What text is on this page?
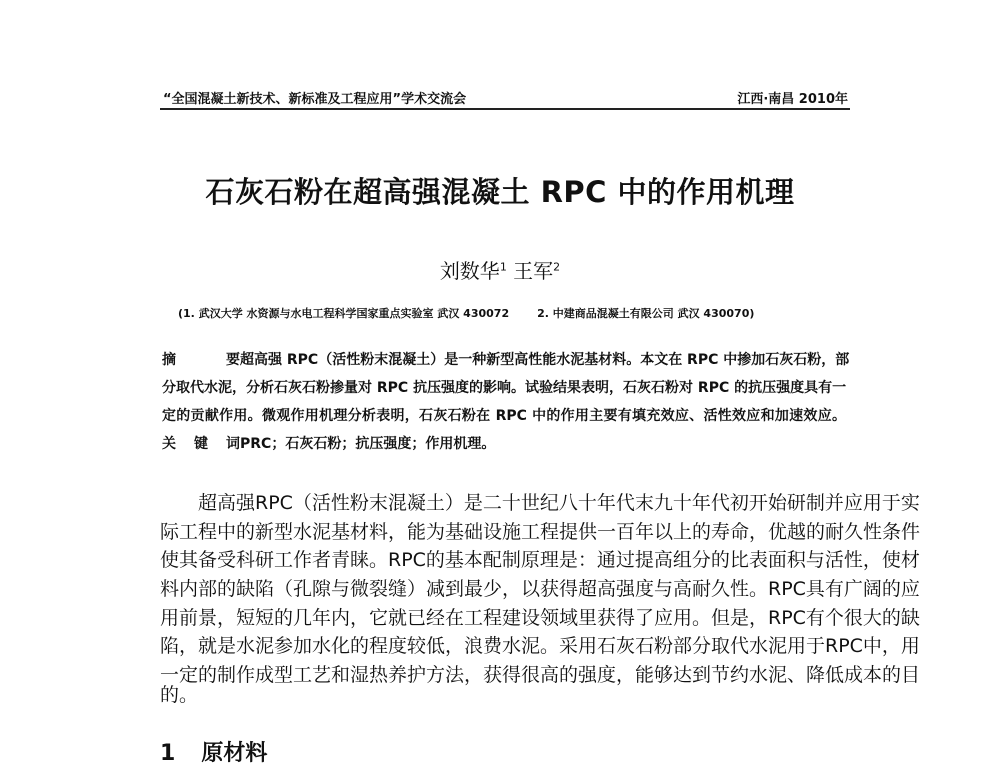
“全国混凝土新技术、新标准及工程应用”学术交流会	江西·南昌 2010年
石灰石粉在超高强混凝土 RPC 中的作用机理
刘数华$^1$ 王军$^2$
(1. 武汉大学 水资源与水电工程科学国家重点实验室 武汉 430072	2. 中建商品混凝土有限公司 武汉 430070)
摘 要超高强 RPC（活性粉末混凝土）是一种新型高性能水泥基材料。本文在 RPC 中掺加石灰石粉，部
分取代水泥，分析石灰石粉掺量对 RPC 抗压强度的影响。试验结果表明，石灰石粉对 RPC 的抗压强度具有一
定的贡献作用。微观作用机理分析表明，石灰石粉在 RPC 中的作用主要有填充效应、活性效应和加速效应。
关键词PRC；石灰石粉；抗压强度；作用机理。
　　超高强RPC（活性粉末混凝土）是二十世纪八十年代末九十年代初开始研制并应用于实
际工程中的新型水泥基材料，能为基础设施工程提供一百年以上的寿命，优越的耐久性条件
使其备受科研工作者青睐。RPC的基本配制原理是：通过提高组分的比表面积与活性，使材
料内部的缺陷（孔隙与微裂缝）减到最少，以获得超高强度与高耐久性。RPC具有广阔的应
用前景，短短的几年内，它就已经在工程建设领域里获得了应用。但是，RPC有个很大的缺
陷，就是水泥参加水化的程度较低，浪费水泥。采用石灰石粉部分取代水泥用于RPC中，用
一定的制作成型工艺和湿热养护方法，获得很高的强度，能够达到节约水泥、降低成本的目
的。
1 原材料
